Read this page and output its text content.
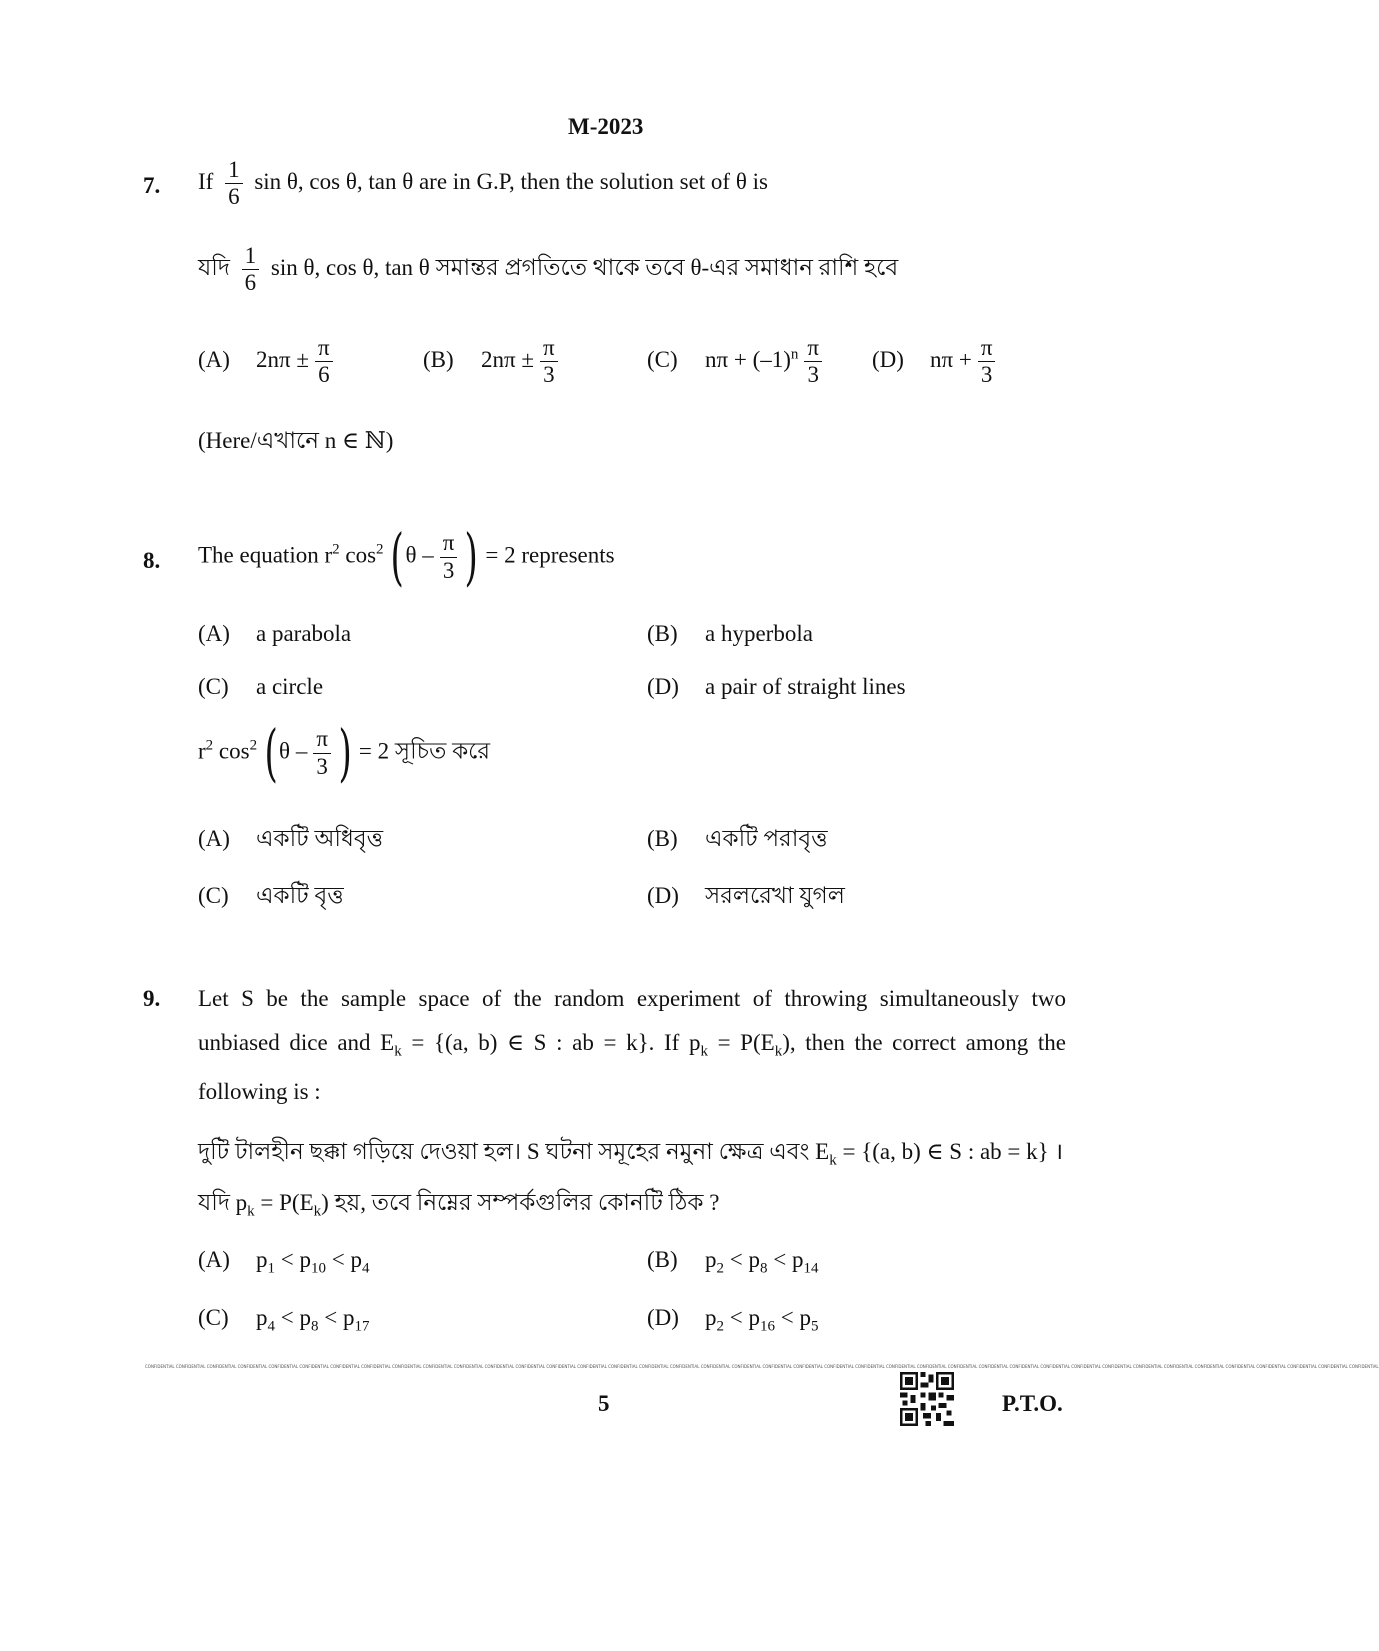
M-2023
7. If $\frac{1}{6}$ sin θ, cos θ, tan θ are in G.P, then the solution set of θ is
যদি $\frac{1}{6}$ sin θ, cos θ, tan θ সমান্তর প্রগতিতে থাকে তবে θ-এর সমাধান রাশি হবে
(A) $2n\pi \pm \frac{\pi}{6}$	(B) $2n\pi \pm \frac{\pi}{3}$	(C) $n\pi + (-1)^n \frac{\pi}{3} (D) n\pi + \frac{\pi}{3}$
(Here/এখানে n ∈ ℕ)
8. The equation $r^2$ $\cos^2 (\theta - \frac{\pi}{3}$ ) = 2 represents
(A) a parabola	(B) a hyperbola
(C) a circle	(D) a pair of straight lines
$r^2$ $\cos^2 (\theta - \frac{\pi}{3}$ ) = 2 সূচিত করে
(A) একটি অধিবৃত্ত	(B) একটি পরাবৃত্ত
(C) একটি বৃত্ত	(D) সরলরেখা যুগল
9. Let S be the sample space of the random experiment of throwing simultaneously two
unbiased dice and $E_k = \{(a$, b) ∈ S : ab = k}. If $p_k = P(E_k)$, then the correct among the
following is :
দুটি টালহীন ছক্কা গড়িয়ে দেওয়া হল। S ঘটনা সমূহের নমুনা ক্ষেত্র এবং $E_k = \{(a$, b) ∈ S : ab = k} ।
যদি $p_k = P(E_k)$ হয়, তবে নিম্নের সম্পর্কগুলির কোনটি ঠিক ?
(A) $p_1 < p_{10} < p_4$	(B) $p_2 < p_8 < p_{14}$
(C) $p_4 < p_8 < p_{17}$	(D) $p_2 < p_{16} < p_5$
CONFIDENTIAL CONFIDENTIAL CONFIDENTIAL CONFIDENTIAL CONFIDENTIAL CONFIDENTIAL CONFIDENTIAL CONFIDENTIAL CONFIDENTIAL CONFIDENTIAL CONFIDENTIAL CONFIDENTIAL CONFIDENTIAL CONFIDENTIAL CONFIDENTIAL CONFIDENTIAL CONFIDENTIAL CONFIDENTIAL CONFIDENTIAL CONFIDENTIAL CONFIDENTIAL CONFIDENTIAL CONFIDENTIAL CONFIDENTIAL CONFIDENTIAL CONFIDENTIAL CONFIDENTIAL CONFIDENTIAL CONFIDENTIAL CONFIDENTIAL CONFIDENTIAL CONFIDENTIAL CONFIDENTIAL CONFIDENTIAL CONFIDENTIAL CONFIDENTIAL CONFIDENTIAL CONFIDENTIAL CONFIDENTIAL CONFIDENTIAL
5	P.T.O.
